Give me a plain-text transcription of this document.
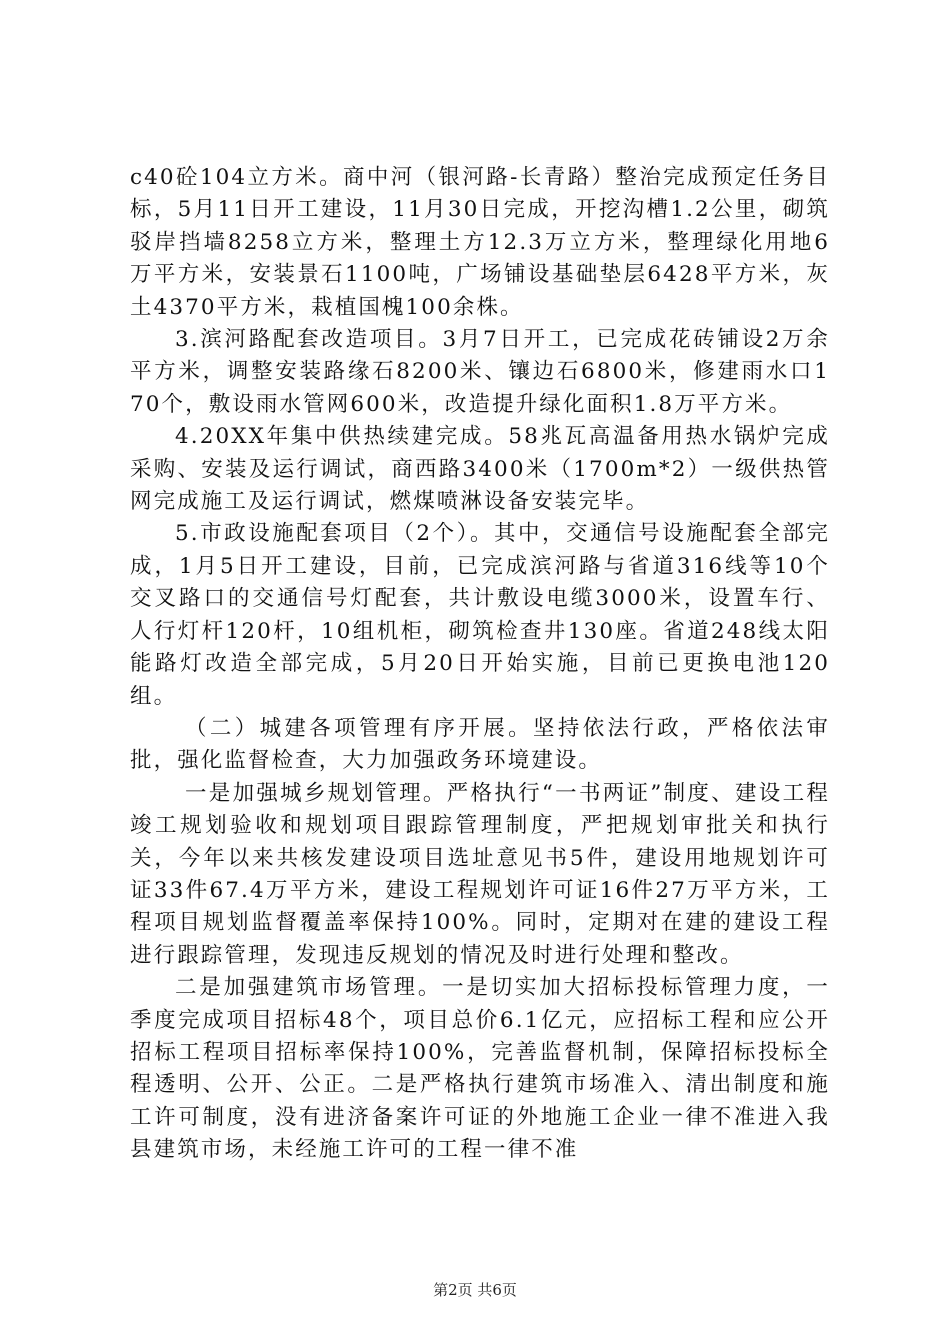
c40砼104立方米。商中河（银河路-长青路）整治完成预定任务目标，5月11日开工建设，11月30日完成，开挖沟槽1.2公里，砌筑驳岸挡墙8258立方米，整理土方12.3万立方米，整理绿化用地6万平方米，安装景石1100吨，广场铺设基础垫层6428平方米，灰土4370平方米，栽植国槐100余株。

3.滨河路配套改造项目。3月7日开工，已完成花砖铺设2万余平方米，调整安装路缘石8200米、镶边石6800米，修建雨水口170个，敷设雨水管网600米，改造提升绿化面积1.8万平方米。

4.20XX年集中供热续建完成。58兆瓦高温备用热水锅炉完成采购、安装及运行调试，商西路3400米（1700m*2）一级供热管网完成施工及运行调试，燃煤喷淋设备安装完毕。

5.市政设施配套项目（2个）。其中，交通信号设施配套全部完成，1月5日开工建设，目前，已完成滨河路与省道316线等10个交叉路口的交通信号灯配套，共计敷设电缆3000米，设置车行、人行灯杆120杆，10组机柜，砌筑检查井130座。省道248线太阳能路灯改造全部完成，5月20日开始实施，目前已更换电池120组。

（二）城建各项管理有序开展。坚持依法行政，严格依法审批，强化监督检查，大力加强政务环境建设。

一是加强城乡规划管理。严格执行“一书两证”制度、建设工程竣工规划验收和规划项目跟踪管理制度，严把规划审批关和执行关，今年以来共核发建设项目选址意见书5件，建设用地规划许可证33件67.4万平方米，建设工程规划许可证16件27万平方米，工程项目规划监督覆盖率保持100%。同时，定期对在建的建设工程进行跟踪管理，发现违反规划的情况及时进行处理和整改。

二是加强建筑市场管理。一是切实加大招标投标管理力度，一季度完成项目招标48个，项目总价6.1亿元，应招标工程和应公开招标工程项目招标率保持100%，完善监督机制，保障招标投标全程透明、公开、公正。二是严格执行建筑市场准入、清出制度和施工许可制度，没有进济备案许可证的外地施工企业一律不准进入我县建筑市场，未经施工许可的工程一律不准

第2页 共6页
